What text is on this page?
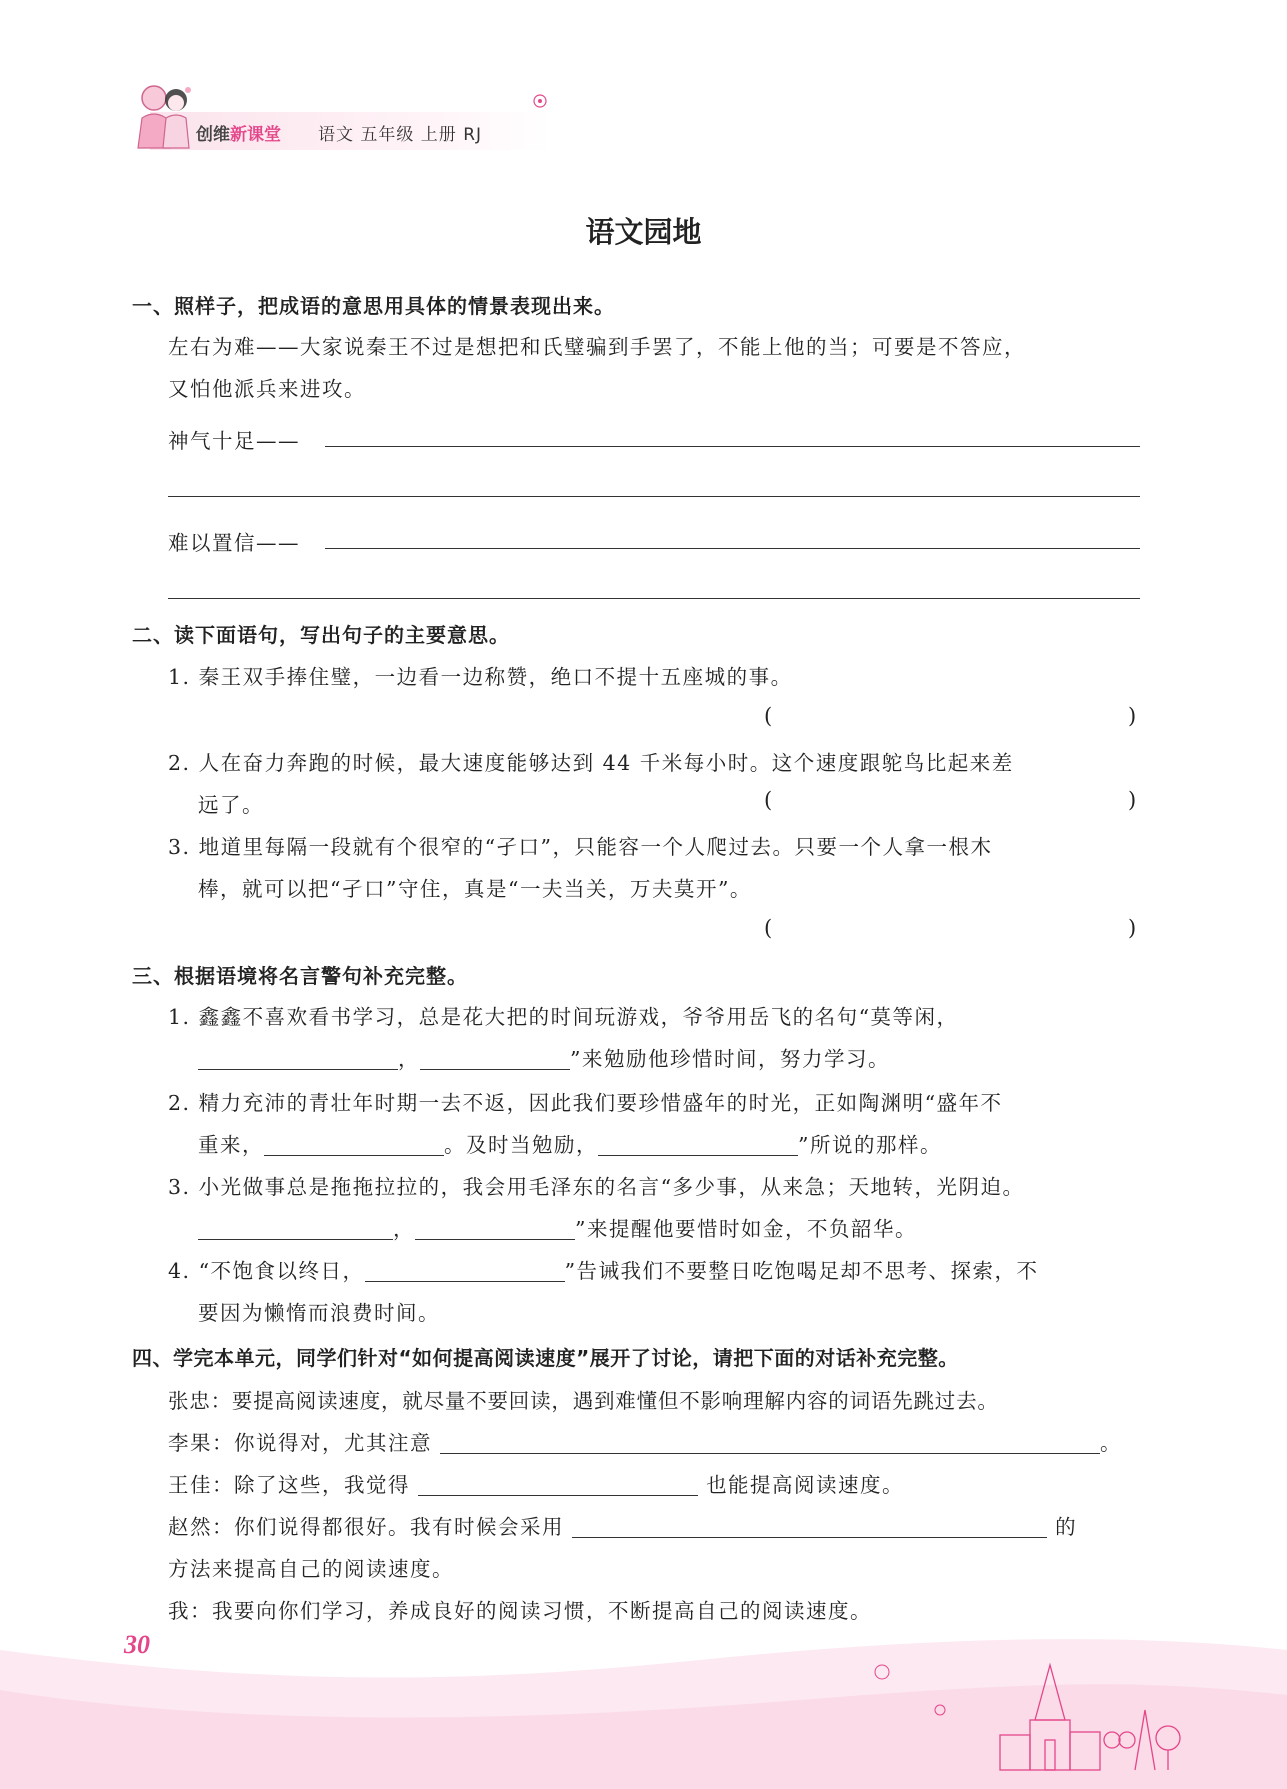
创维新课堂 语文 五年级 上册 RJ
语文园地
一、照样子，把成语的意思用具体的情景表现出来。
左右为难——大家说秦王不过是想把和氏璧骗到手罢了，不能上他的当；可要是不答应，
又怕他派兵来进攻。
神气十足——
难以置信——
二、读下面语句，写出句子的主要意思。
1. 秦王双手捧住璧，一边看一边称赞，绝口不提十五座城的事。
(	)
2. 人在奋力奔跑的时候，最大速度能够达到 44 千米每小时。这个速度跟鸵鸟比起来差
远了。	(	)
3. 地道里每隔一段就有个很窄的“孑口”，只能容一个人爬过去。只要一个人拿一根木
棒，就可以把“孑口”守住，真是“一夫当关，万夫莫开”。
(	)
三、根据语境将名言警句补充完整。
1. 鑫鑫不喜欢看书学习，总是花大把的时间玩游戏，爷爷用岳飞的名句“莫等闲，
，	”来勉励他珍惜时间，努力学习。
2. 精力充沛的青壮年时期一去不返，因此我们要珍惜盛年的时光，正如陶渊明“盛年不
重来，	。及时当勉励，	”所说的那样。
3. 小光做事总是拖拖拉拉的，我会用毛泽东的名言“多少事，从来急；天地转，光阴迫。
，	”来提醒他要惜时如金，不负韶华。
4. “不饱食以终日，	”告诫我们不要整日吃饱喝足却不思考、探索，不
要因为懒惰而浪费时间。
四、学完本单元，同学们针对“如何提高阅读速度”展开了讨论，请把下面的对话补充完整。
张忠：要提高阅读速度，就尽量不要回读，遇到难懂但不影响理解内容的词语先跳过去。
李果：你说得对，尤其注意	。
王佳：除了这些，我觉得	也能提高阅读速度。
赵然：你们说得都很好。我有时候会采用	的
方法来提高自己的阅读速度。
我：我要向你们学习，养成良好的阅读习惯，不断提高自己的阅读速度。
30
